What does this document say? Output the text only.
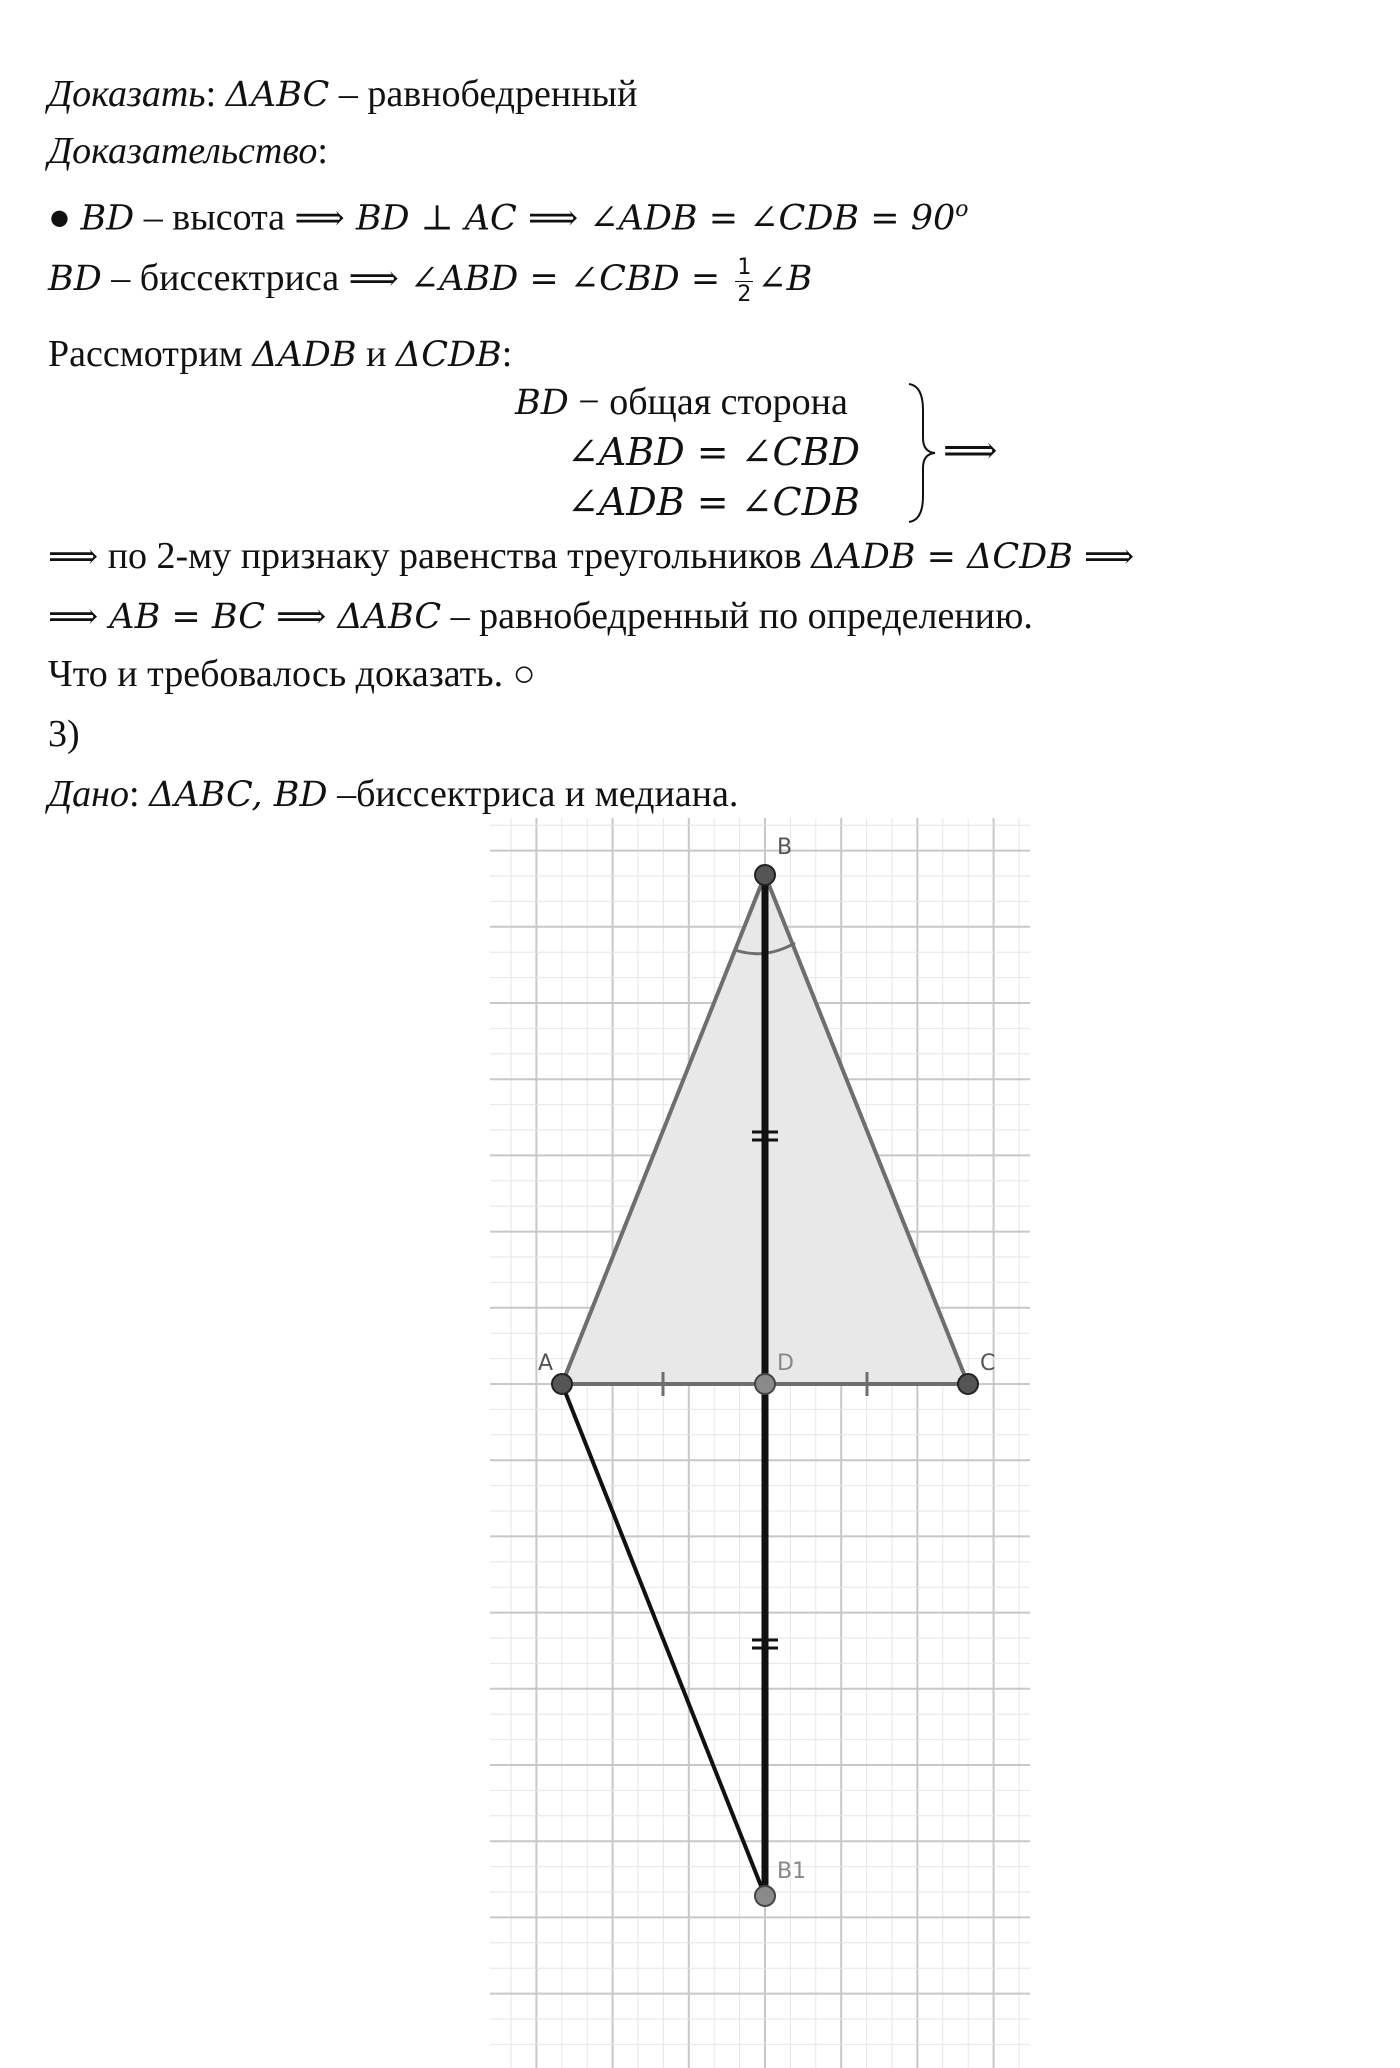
Доказать: ΔABC – равнобедренный
Доказательство:
● BD – высота ⟹ BD ⊥ AC ⟹ ∠ADB = ∠CDB = $90^o$
BD – биссектриса ⟹ ∠ABD = ∠CBD = $\frac{1}{2}$ ∠B
Рассмотрим ΔADB и ΔCDB:
BD − общая сторона
∠ABD = ∠CBD
∠ADB = ∠CDB
⟹
⟹ по 2-му признаку равенства треугольников ΔADB = ΔCDB ⟹
⟹ AB = BC ⟹ ΔABC – равнобедренный по определению.
Что и требовалось доказать. ○
3)
Дано: ΔABC, BD –биссектриса и медиана.
B
A	C
D
B1
